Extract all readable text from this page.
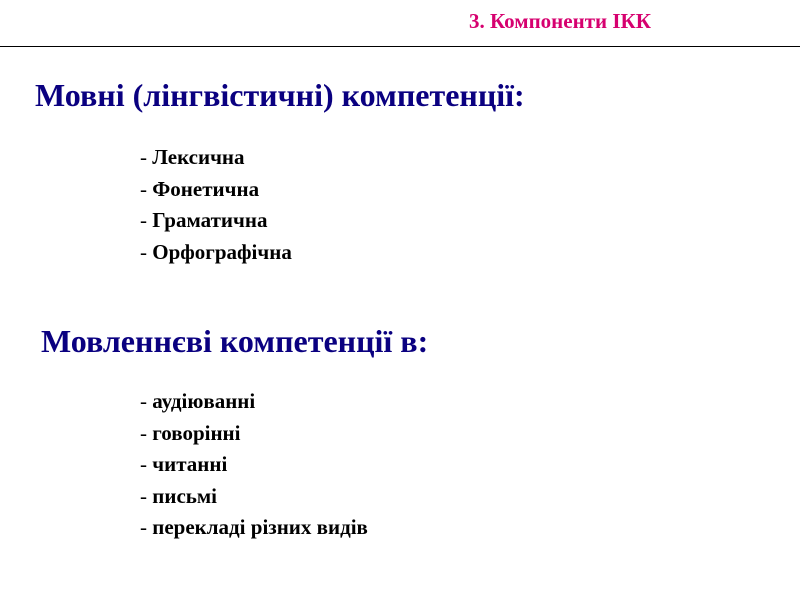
3. Компоненти ІКК
Мовні (лінгвістичні) компетенції:
- Лексична
- Фонетична
- Граматична
- Орфографічна
Мовленнєві компетенції в:
- аудіюванні
- говорінні
- читанні
- письмі
- перекладі різних видів
